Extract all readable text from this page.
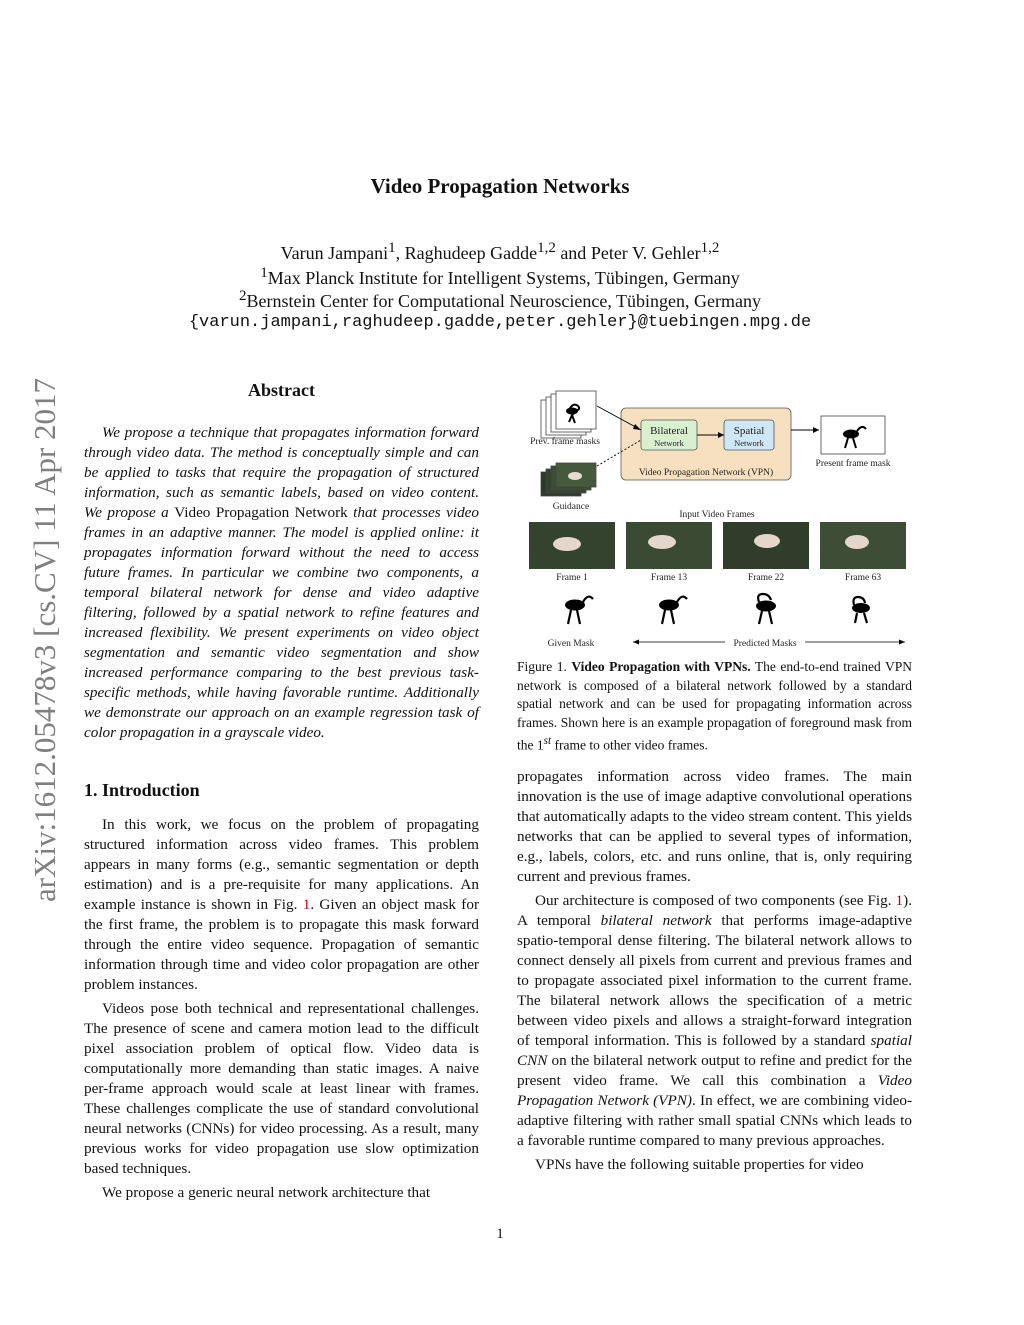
arXiv:1612.05478v3 [cs.CV] 11 Apr 2017
Video Propagation Networks
Varun Jampani$^1$, Raghudeep Gadde$^{1,2}$ and Peter V. Gehler$^{1,2}$
$^1$Max Planck Institute for Intelligent Systems, Tübingen, Germany
$^2$Bernstein Center for Computational Neuroscience, Tübingen, Germany
{varun.jampani,raghudeep.gadde,peter.gehler}@tuebingen.mpg.de
Abstract

We propose a technique that propagates information forward through video data. The method is conceptually simple and can be applied to tasks that require the propagation of structured information, such as semantic labels, based on video content. We propose a Video Propagation Network that processes video frames in an adaptive manner. The model is applied online: it propagates information forward without the need to access future frames. In particular we combine two components, a temporal bilateral network for dense and video adaptive filtering, followed by a spatial network to refine features and increased flexibility. We present experiments on video object segmentation and semantic video segmentation and show increased performance comparing to the best previous task-specific methods, while having favorable runtime. Additionally we demonstrate our approach on an example regression task of color propagation in a grayscale video.

1. Introduction

In this work, we focus on the problem of propagating structured information across video frames. This problem appears in many forms (e.g., semantic segmentation or depth estimation) and is a pre-requisite for many applications. An example instance is shown in Fig. 1. Given an object mask for the first frame, the problem is to propagate this mask forward through the entire video sequence. Propagation of semantic information through time and video color propagation are other problem instances.

Videos pose both technical and representational challenges. The presence of scene and camera motion lead to the difficult pixel association problem of optical flow. Video data is computationally more demanding than static images. A naive per-frame approach would scale at least linear with frames. These challenges complicate the use of standard convolutional neural networks (CNNs) for video processing. As a result, many previous works for video propagation use slow optimization based techniques.

We propose a generic neural network architecture that

Prev. frame masks
Guidance
Bilateral
Network
Spatial
Network
Video Propagation Network (VPN)
Present frame mask
Input Video Frames
Frame 1	Frame 13	Frame 22	Frame 63
Given Mask	Predicted Masks
Figure 1. Video Propagation with VPNs. The end-to-end trained VPN network is composed of a bilateral network followed by a standard spatial network and can be used for propagating information across frames. Shown here is an example propagation of foreground mask from the 1st frame to other video frames.

propagates information across video frames. The main innovation is the use of image adaptive convolutional operations that automatically adapts to the video stream content. This yields networks that can be applied to several types of information, e.g., labels, colors, etc. and runs online, that is, only requiring current and previous frames.

Our architecture is composed of two components (see Fig. 1). A temporal bilateral network that performs image-adaptive spatio-temporal dense filtering. The bilateral network allows to connect densely all pixels from current and previous frames and to propagate associated pixel information to the current frame. The bilateral network allows the specification of a metric between video pixels and allows a straight-forward integration of temporal information. This is followed by a standard spatial CNN on the bilateral network output to refine and predict for the present video frame. We call this combination a Video Propagation Network (VPN). In effect, we are combining video-adaptive filtering with rather small spatial CNNs which leads to a favorable runtime compared to many previous approaches.

VPNs have the following suitable properties for video

1
